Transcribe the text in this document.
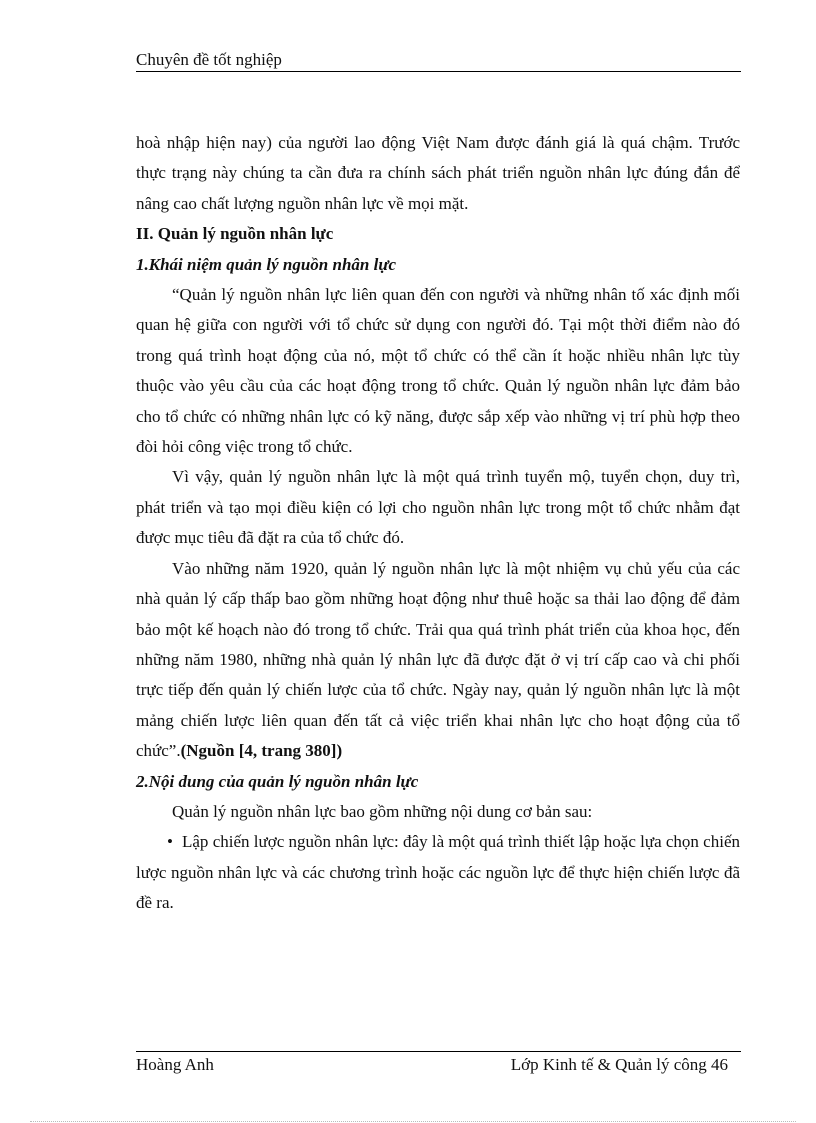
Chuyên đề tốt nghiệp

hoà nhập hiện nay) của người lao động Việt Nam được đánh giá là quá chậm. Trước thực trạng này chúng ta cần đưa ra chính sách phát triển nguồn nhân lực đúng đắn để nâng cao chất lượng nguồn nhân lực về mọi mặt.

II. Quản lý nguồn nhân lực

1.Khái niệm quản lý nguồn nhân lực

“Quản lý nguồn nhân lực liên quan đến con người và những nhân tố xác định mối quan hệ giữa con người với tổ chức sử dụng con người đó. Tại một thời điểm nào đó trong quá trình hoạt động của nó, một tổ chức có thể cần ít hoặc nhiều nhân lực tùy thuộc vào yêu cầu của các hoạt động trong tổ chức. Quản lý nguồn nhân lực đảm bảo cho tổ chức có những nhân lực có kỹ năng, được sắp xếp vào những vị trí phù hợp theo đòi hỏi công việc trong tổ chức.

Vì vậy, quản lý nguồn nhân lực là một quá trình tuyển mộ, tuyển chọn, duy trì, phát triển và tạo mọi điều kiện có lợi cho nguồn nhân lực trong một tổ chức nhằm đạt được mục tiêu đã đặt ra của tổ chức đó.

Vào những năm 1920, quản lý nguồn nhân lực là một nhiệm vụ chủ yếu của các nhà quản lý cấp thấp bao gồm những hoạt động như thuê hoặc sa thải lao động để đảm bảo một kế hoạch nào đó trong tổ chức. Trải qua quá trình phát triển của khoa học, đến những năm 1980, những nhà quản lý nhân lực đã được đặt ở vị trí cấp cao và chi phối trực tiếp đến quản lý chiến lược của tổ chức. Ngày nay, quản lý nguồn nhân lực là một mảng chiến lược liên quan đến tất cả việc triển khai nhân lực cho hoạt động của tổ chức”.(Nguồn [4, trang 380])

2.Nội dung của quản lý nguồn nhân lực

Quản lý nguồn nhân lực bao gồm những nội dung cơ bản sau:

• Lập chiến lược nguồn nhân lực: đây là một quá trình thiết lập hoặc lựa chọn chiến lược nguồn nhân lực và các chương trình hoặc các nguồn lực để thực hiện chiến lược đã đề ra.

Hoàng Anh	Lớp Kinh tế & Quản lý công 46
